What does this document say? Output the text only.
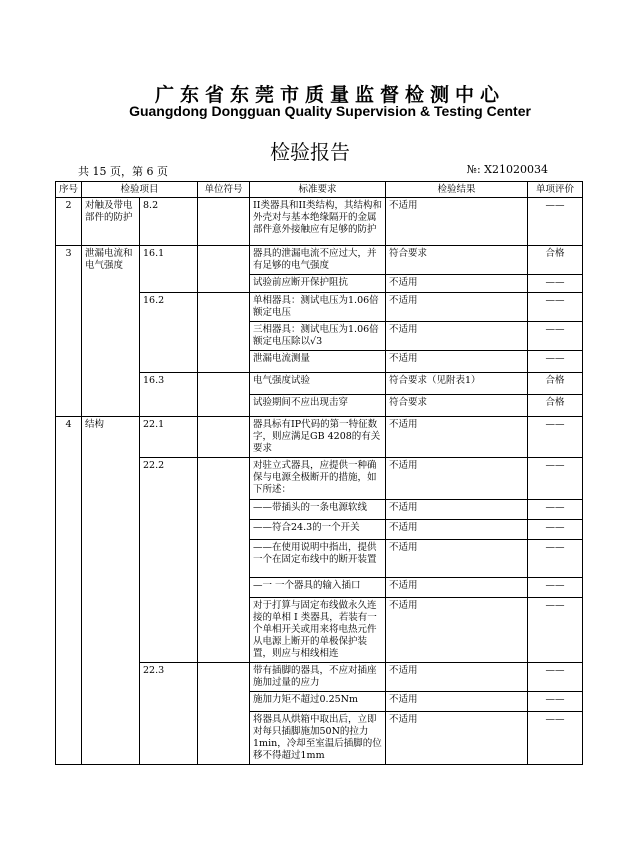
广东省东莞市质量监督检测中心
Guangdong Dongguan Quality Supervision & Testing Center
检验报告
共 15 页，第 6 页	№: X21020034
序号	检验项目		单位符号	标准要求	检验结果	单项评价
2	对触及带电部件的防护	8.2		II类器具和II类结构，其结构和外壳对与基本绝缘隔开的金属部件意外接触应有足够的防护	不适用	——
3	泄漏电流和电气强度	16.1		器具的泄漏电流不应过大，并有足够的电气强度	符合要求	合格
				试验前应断开保护阻抗	不适用	——
		16.2		单相器具：测试电压为1.06倍额定电压	不适用	——
				三相器具：测试电压为1.06倍额定电压除以√3	不适用	——
				泄漏电流测量	不适用	——
		16.3		电气强度试验	符合要求（见附表1）	合格
				试验期间不应出现击穿	符合要求	合格
4	结构	22.1		器具标有IP代码的第一特征数字，则应满足GB 4208的有关要求	不适用	——
		22.2		对驻立式器具，应提供一种确保与电源全极断开的措施，如下所述：	不适用	——
				——带插头的一条电源软线	不适用	——
				——符合24.3的一个开关	不适用	——
				——在使用说明中指出，提供一个在固定布线中的断开装置	不适用	——
				—一 一个器具的输入插口	不适用	——
				对于打算与固定布线做永久连接的单相 I 类器具，若装有一个单相开关或用来将电热元件从电源上断开的单极保护装置，则应与相线相连	不适用	——
		22.3		带有插脚的器具，不应对插座施加过量的应力	不适用	——
				施加力矩不超过0.25Nm	不适用	——
				将器具从烘箱中取出后，立即对每只插脚施加50N的拉力1min，冷却至室温后插脚的位移不得超过1mm	不适用	——
